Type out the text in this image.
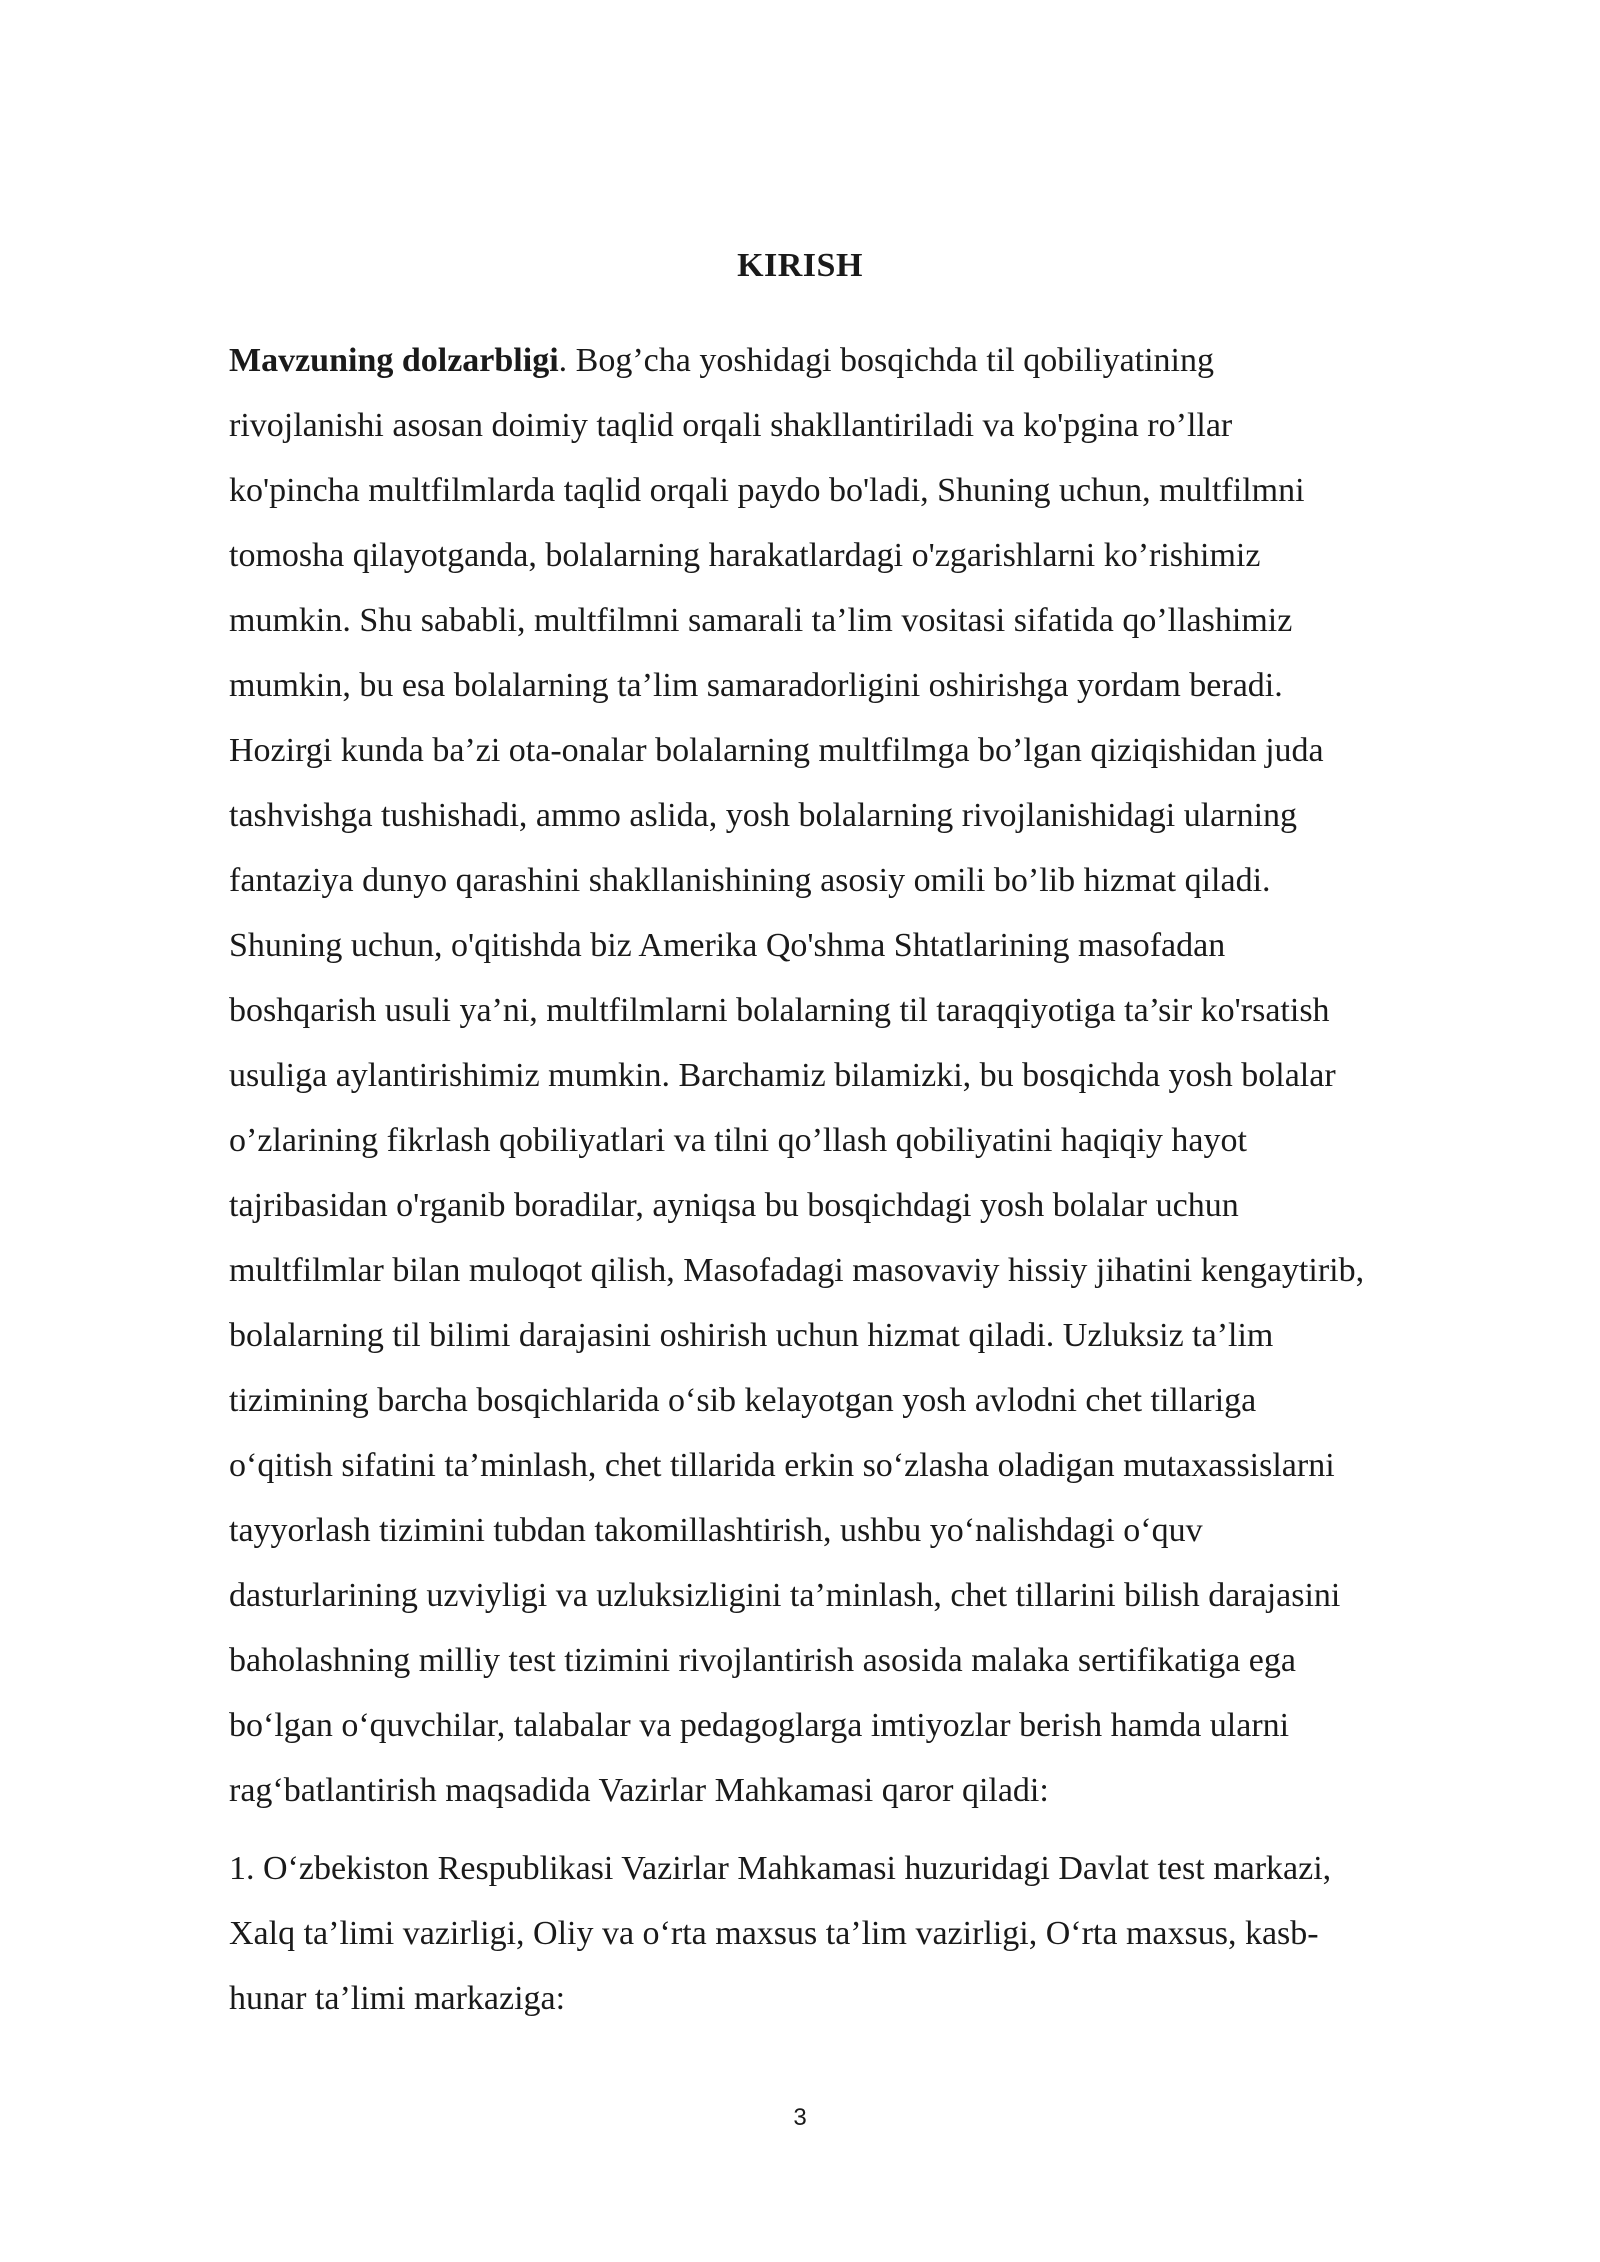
KIRISH
Mavzuning dolzarbligi. Bog’cha yoshidagi bosqichda til qobiliyatining
rivojlanishi asosan doimiy taqlid orqali shakllantiriladi va ko'pgina ro’llar
ko'pincha multfilmlarda taqlid orqali paydo bo'ladi, Shuning uchun, multfilmni
tomosha qilayotganda, bolalarning harakatlardagi o'zgarishlarni ko’rishimiz
mumkin. Shu sababli, multfilmni samarali ta’lim vositasi sifatida qo’llashimiz
mumkin, bu esa bolalarning ta’lim samaradorligini oshirishga yordam beradi.
Hozirgi kunda ba’zi ota-onalar bolalarning multfilmga bo’lgan qiziqishidan juda
tashvishga tushishadi, ammo aslida, yosh bolalarning rivojlanishidagi ularning
fantaziya dunyo qarashini shakllanishining asosiy omili bo’lib hizmat qiladi.
Shuning uchun, o'qitishda biz Amerika Qo'shma Shtatlarining masofadan
boshqarish usuli ya’ni, multfilmlarni bolalarning til taraqqiyotiga ta’sir ko'rsatish
usuliga aylantirishimiz mumkin. Barchamiz bilamizki, bu bosqichda yosh bolalar
o’zlarining fikrlash qobiliyatlari va tilni qo’llash qobiliyatini haqiqiy hayot
tajribasidan o'rganib boradilar, ayniqsa bu bosqichdagi yosh bolalar uchun
multfilmlar bilan muloqot qilish, Masofadagi masovaviy hissiy jihatini kengaytirib,
bolalarning til bilimi darajasini oshirish uchun hizmat qiladi. Uzluksiz ta’lim
tizimining barcha bosqichlarida o‘sib kelayotgan yosh avlodni chet tillariga
o‘qitish sifatini ta’minlash, chet tillarida erkin so‘zlasha oladigan mutaxassislarni
tayyorlash tizimini tubdan takomillashtirish, ushbu yo‘nalishdagi o‘quv
dasturlarining uzviyligi va uzluksizligini ta’minlash, chet tillarini bilish darajasini
baholashning milliy test tizimini rivojlantirish asosida malaka sertifikatiga ega
bo‘lgan o‘quvchilar, talabalar va pedagoglarga imtiyozlar berish hamda ularni
rag‘batlantirish maqsadida Vazirlar Mahkamasi qaror qiladi:
1. O‘zbekiston Respublikasi Vazirlar Mahkamasi huzuridagi Davlat test markazi,
Xalq ta’limi vazirligi, Oliy va o‘rta maxsus ta’lim vazirligi, O‘rta maxsus, kasb-
hunar ta’limi markaziga:
3
